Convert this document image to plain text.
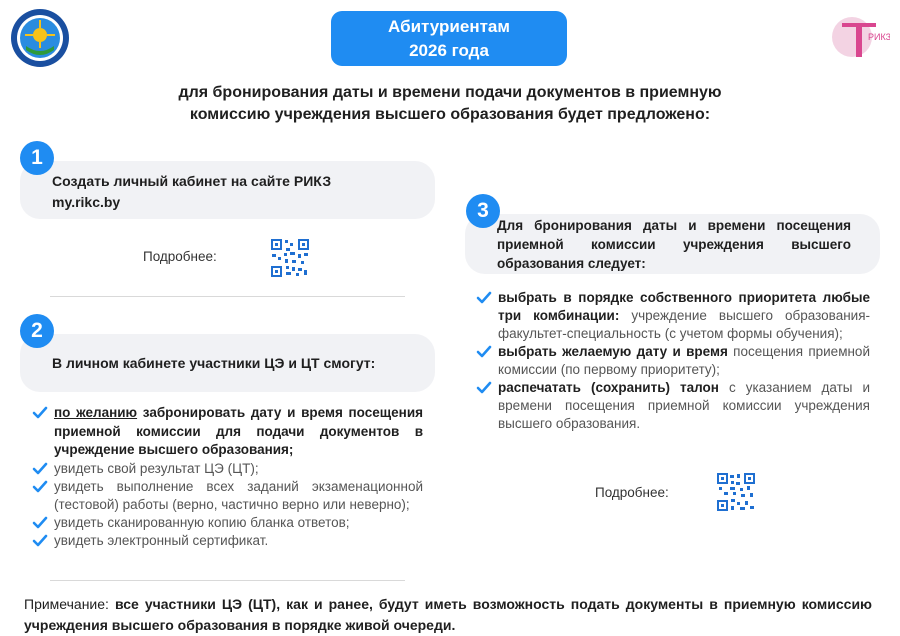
Абитуриентам
2026 года
РИКЗ
для бронирования даты и времени подачи документов в приемную
комиссию учреждения высшего образования будет предложено:
1
Создать личный кабинет на сайте РИКЗ
my.rikc.by
Подробнее:
2
В личном кабинете участники ЦЭ и ЦТ смогут:
по желанию забронировать дату и время посещения приемной комиссии для подачи документов в учреждение высшего образования;
увидеть свой результат ЦЭ (ЦТ);
увидеть выполнение всех заданий экзаменационной (тестовой) работы (верно, частично верно или неверно);
увидеть сканированную копию бланка ответов;
увидеть электронный сертификат.
3
Для бронирования даты и времени посещения приемной комиссии учреждения высшего образования следует:
выбрать в порядке собственного приоритета любые три комбинации: учреждение высшего образования-факультет-специальность (с учетом формы обучения);
выбрать желаемую дату и время посещения приемной комиссии (по первому приоритету);
распечатать (сохранить) талон с указанием даты и времени посещения приемной комиссии учреждения высшего образования.
Подробнее:
Примечание: все участники ЦЭ (ЦТ), как и ранее, будут иметь возможность подать документы в приемную комиссию учреждения высшего образования в порядке живой очереди.
